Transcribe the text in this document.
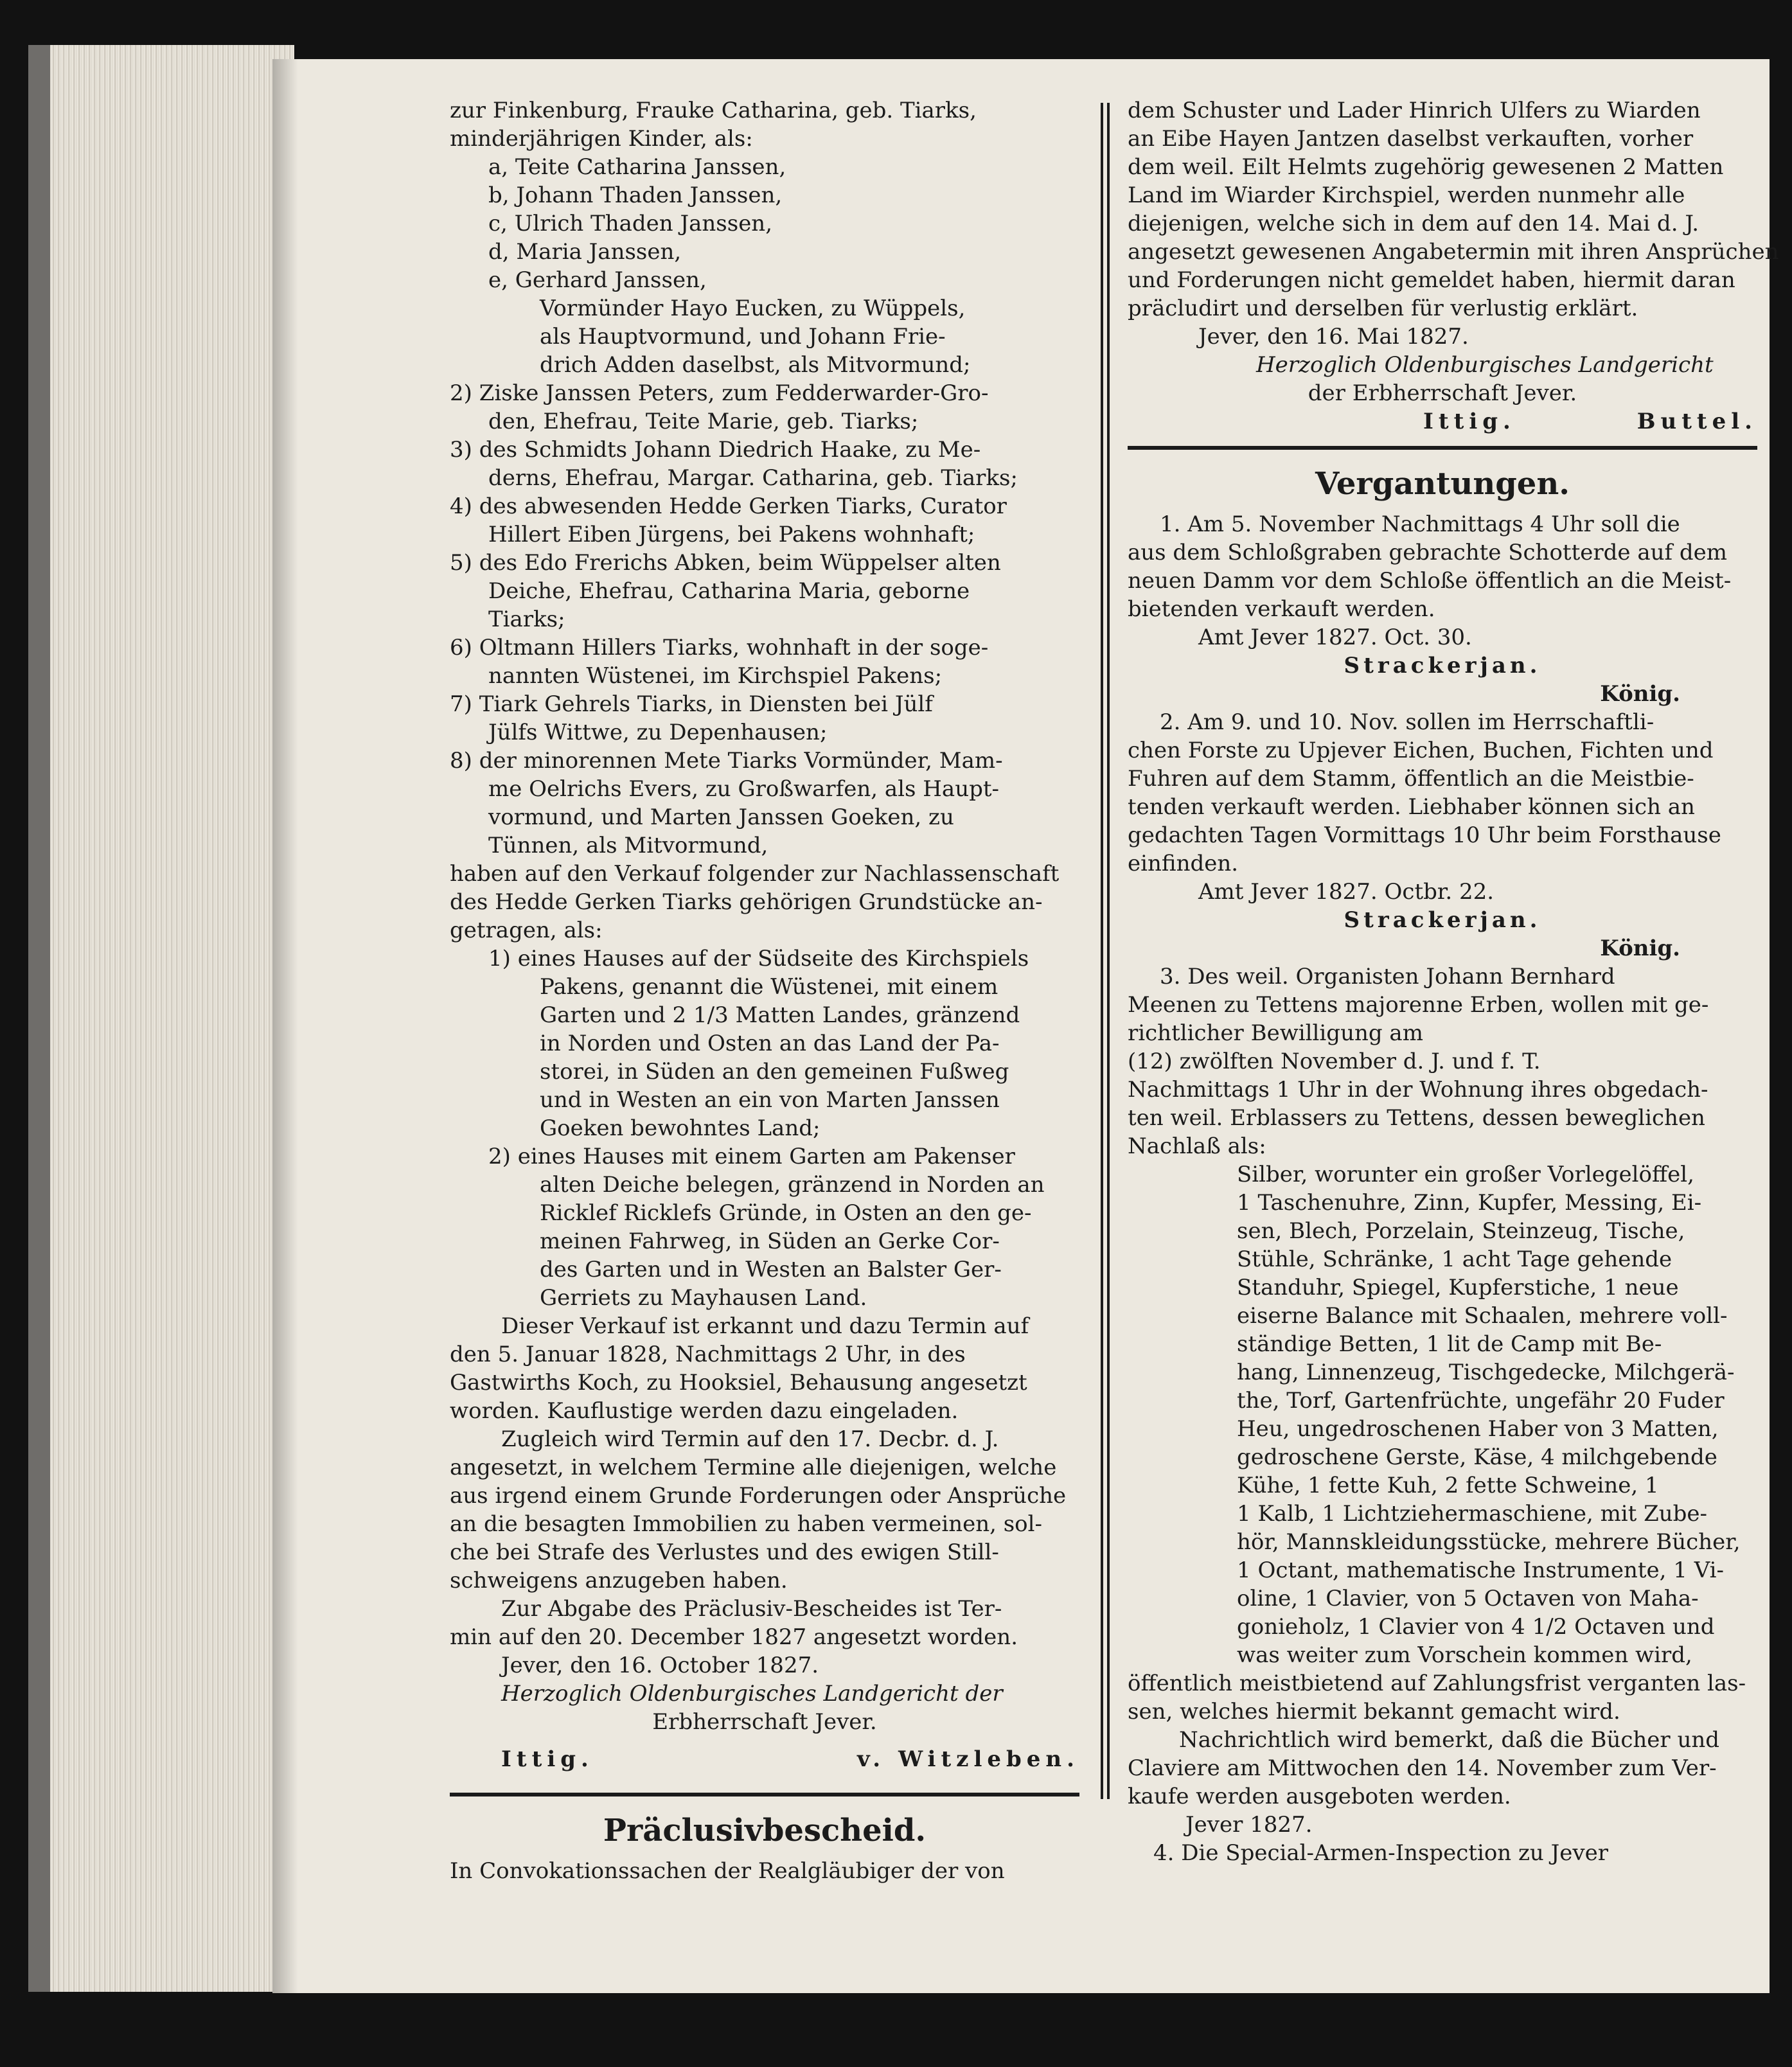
zur Finkenburg, Frauke Catharina, geb. Tiarks,
minderjährigen Kinder, als:
a, Teite Catharina Janssen,
b, Johann Thaden Janssen,
c, Ulrich Thaden Janssen,
d, Maria Janssen,
e, Gerhard Janssen,
Vormünder Hayo Eucken, zu Wüppels,
als Hauptvormund, und Johann Frie-
drich Adden daselbst, als Mitvormund;
2) Ziske Janssen Peters, zum Fedderwarder-Gro-
den, Ehefrau, Teite Marie, geb. Tiarks;
3) des Schmidts Johann Diedrich Haake, zu Me-
derns, Ehefrau, Margar. Catharina, geb. Tiarks;
4) des abwesenden Hedde Gerken Tiarks, Curator
Hillert Eiben Jürgens, bei Pakens wohnhaft;
5) des Edo Frerichs Abken, beim Wüppelser alten
Deiche, Ehefrau, Catharina Maria, geborne
Tiarks;
6) Oltmann Hillers Tiarks, wohnhaft in der soge-
nannten Wüstenei, im Kirchspiel Pakens;
7) Tiark Gehrels Tiarks, in Diensten bei Jülf
Jülfs Wittwe, zu Depenhausen;
8) der minorennen Mete Tiarks Vormünder, Mam-
me Oelrichs Evers, zu Großwarfen, als Haupt-
vormund, und Marten Janssen Goeken, zu
Tünnen, als Mitvormund,
haben auf den Verkauf folgender zur Nachlassenschaft
des Hedde Gerken Tiarks gehörigen Grundstücke an-
getragen, als:
1) eines Hauses auf der Südseite des Kirchspiels
Pakens, genannt die Wüstenei, mit einem
Garten und 2 1/3 Matten Landes, gränzend
in Norden und Osten an das Land der Pa-
storei, in Süden an den gemeinen Fußweg
und in Westen an ein von Marten Janssen
Goeken bewohntes Land;
2) eines Hauses mit einem Garten am Pakenser
alten Deiche belegen, gränzend in Norden an
Ricklef Ricklefs Gründe, in Osten an den ge-
meinen Fahrweg, in Süden an Gerke Cor-
des Garten und in Westen an Balster Ger-
Gerriets zu Mayhausen Land.
Dieser Verkauf ist erkannt und dazu Termin auf
den 5. Januar 1828, Nachmittags 2 Uhr, in des
Gastwirths Koch, zu Hooksiel, Behausung angesetzt
worden. Kauflustige werden dazu eingeladen.
Zugleich wird Termin auf den 17. Decbr. d. J.
angesetzt, in welchem Termine alle diejenigen, welche
aus irgend einem Grunde Forderungen oder Ansprüche
an die besagten Immobilien zu haben vermeinen, sol-
che bei Strafe des Verlustes und des ewigen Still-
schweigens anzugeben haben.
Zur Abgabe des Präclusiv-Bescheides ist Ter-
min auf den 20. December 1827 angesetzt worden.
Jever, den 16. October 1827.
Herzoglich Oldenburgisches Landgericht der
Erbherrschaft Jever.
Ittig.	v. Witzleben.
Präclusivbescheid.
In Convokationssachen der Realgläubiger der von
dem Schuster und Lader Hinrich Ulfers zu Wiarden
an Eibe Hayen Jantzen daselbst verkauften, vorher
dem weil. Eilt Helmts zugehörig gewesenen 2 Matten
Land im Wiarder Kirchspiel, werden nunmehr alle
diejenigen, welche sich in dem auf den 14. Mai d. J.
angesetzt gewesenen Angabetermin mit ihren Ansprüchen
und Forderungen nicht gemeldet haben, hiermit daran
präcludirt und derselben für verlustig erklärt.
Jever, den 16. Mai 1827.
Herzoglich Oldenburgisches Landgericht
der Erbherrschaft Jever.
Ittig.	Buttel.
Vergantungen.
1. Am 5. November Nachmittags 4 Uhr soll die
aus dem Schloßgraben gebrachte Schotterde auf dem
neuen Damm vor dem Schloße öffentlich an die Meist-
bietenden verkauft werden.
Amt Jever 1827. Oct. 30.
Strackerjan.
König.
2. Am 9. und 10. Nov. sollen im Herrschaftli-
chen Forste zu Upjever Eichen, Buchen, Fichten und
Fuhren auf dem Stamm, öffentlich an die Meistbie-
tenden verkauft werden. Liebhaber können sich an
gedachten Tagen Vormittags 10 Uhr beim Forsthause
einfinden.
Amt Jever 1827. Octbr. 22.
Strackerjan.
König.
3. Des weil. Organisten Johann Bernhard
Meenen zu Tettens majorenne Erben, wollen mit ge-
richtlicher Bewilligung am
(12) zwölften November d. J. und f. T.
Nachmittags 1 Uhr in der Wohnung ihres obgedach-
ten weil. Erblassers zu Tettens, dessen beweglichen
Nachlaß als:
Silber, worunter ein großer Vorlegelöffel,
1 Taschenuhre, Zinn, Kupfer, Messing, Ei-
sen, Blech, Porzelain, Steinzeug, Tische,
Stühle, Schränke, 1 acht Tage gehende
Standuhr, Spiegel, Kupferstiche, 1 neue
eiserne Balance mit Schaalen, mehrere voll-
ständige Betten, 1 lit de Camp mit Be-
hang, Linnenzeug, Tischgedecke, Milchgerä-
the, Torf, Gartenfrüchte, ungefähr 20 Fuder
Heu, ungedroschenen Haber von 3 Matten,
gedroschene Gerste, Käse, 4 milchgebende
Kühe, 1 fette Kuh, 2 fette Schweine, 1
1 Kalb, 1 Lichtziehermaschiene, mit Zube-
hör, Mannskleidungsstücke, mehrere Bücher,
1 Octant, mathematische Instrumente, 1 Vi-
oline, 1 Clavier, von 5 Octaven von Maha-
gonieholz, 1 Clavier von 4 1/2 Octaven und
was weiter zum Vorschein kommen wird,
öffentlich meistbietend auf Zahlungsfrist verganten las-
sen, welches hiermit bekannt gemacht wird.
Nachrichtlich wird bemerkt, daß die Bücher und
Claviere am Mittwochen den 14. November zum Ver-
kaufe werden ausgeboten werden.
Jever 1827.
4. Die Special-Armen-Inspection zu Jever
